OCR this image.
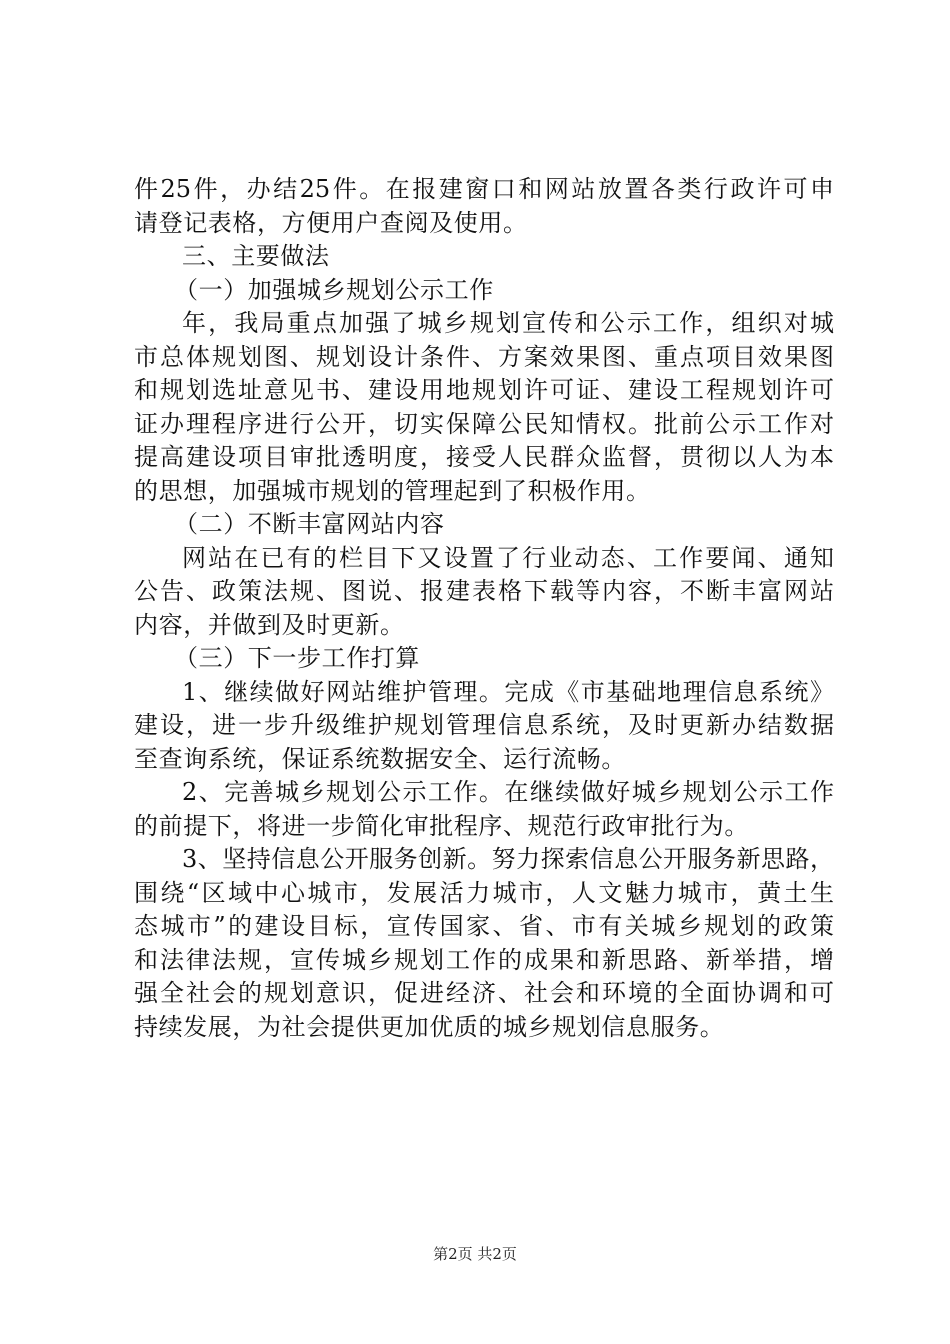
件25件，办结25件。在报建窗口和网站放置各类行政许可申
请登记表格，方便用户查阅及使用。
三、主要做法
（一）加强城乡规划公示工作
年，我局重点加强了城乡规划宣传和公示工作，组织对城
市总体规划图、规划设计条件、方案效果图、重点项目效果图
和规划选址意见书、建设用地规划许可证、建设工程规划许可
证办理程序进行公开，切实保障公民知情权。批前公示工作对
提高建设项目审批透明度，接受人民群众监督，贯彻以人为本
的思想，加强城市规划的管理起到了积极作用。
（二）不断丰富网站内容
网站在已有的栏目下又设置了行业动态、工作要闻、通知
公告、政策法规、图说、报建表格下载等内容，不断丰富网站
内容，并做到及时更新。
（三）下一步工作打算
1、继续做好网站维护管理。完成《市基础地理信息系统》
建设，进一步升级维护规划管理信息系统，及时更新办结数据
至查询系统，保证系统数据安全、运行流畅。
2、完善城乡规划公示工作。在继续做好城乡规划公示工作
的前提下，将进一步简化审批程序、规范行政审批行为。
3、坚持信息公开服务创新。努力探索信息公开服务新思路，
围绕“区域中心城市，发展活力城市，人文魅力城市，黄土生
态城市”的建设目标，宣传国家、省、市有关城乡规划的政策
和法律法规，宣传城乡规划工作的成果和新思路、新举措，增
强全社会的规划意识，促进经济、社会和环境的全面协调和可
持续发展，为社会提供更加优质的城乡规划信息服务。
第2页 共2页
